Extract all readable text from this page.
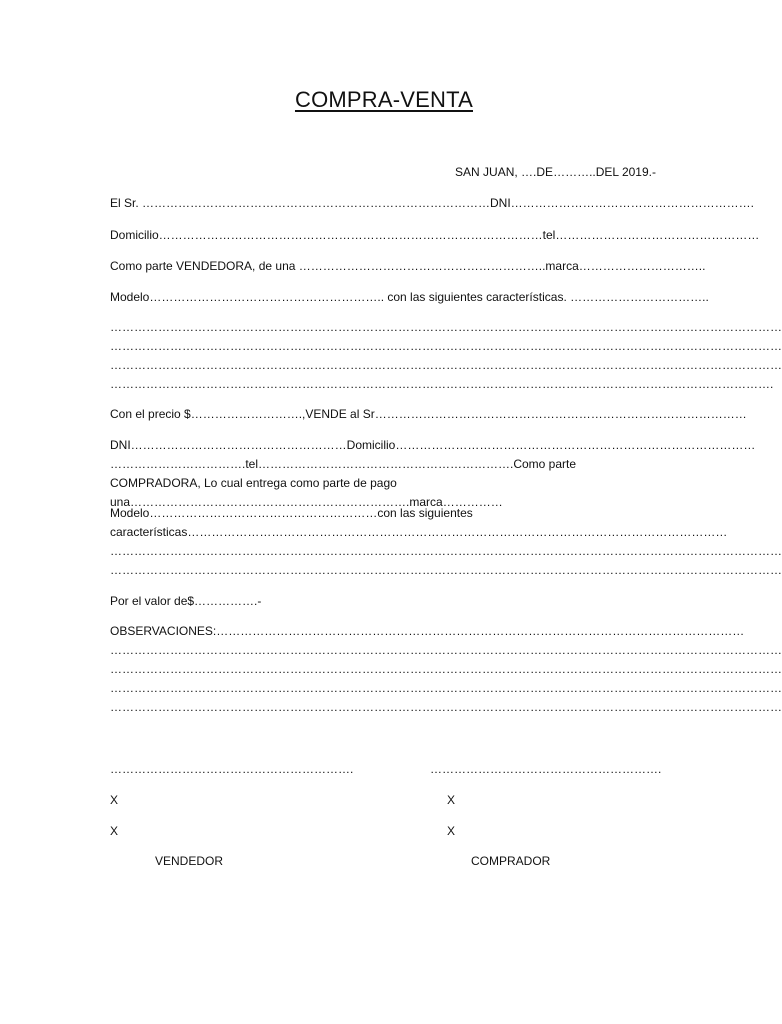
COMPRA-VENTA
SAN JUAN, ….DE………..DEL 2019.-
El Sr. ……………………………………………………………………………DNI…………………………………………………….
Domicilio……………………………………………………………………………………tel……………………………………………
Como parte VENDEDORA, de una ……………………………………………………..marca…………………………..
Modelo………………………………………………….. con las siguientes características. ……………………………..
……………………………………………………………………………………………………………………………………………………
……………………………………………………………………………………………………………………………………………………
……………………………………………………………………………………………………………………………………………………
………………………………………………………………………………………………………………………………………………….
Con el precio $……………………….,VENDE al Sr…………………………………………………………………………………
DNI………………………………………………Domicilio………………………………………………………………………………
…………………………….tel……………………………………………………….Como parte COMPRADORA, Lo cual entrega como parte de pago una…………………………………………………………….marca……………
Modelo…………………………………………………con las siguientes características………………………………………………………………………………………………………………………
……………………………………………………………………………………………………………………………………………………
……………………………………………………………………………………………………………………………………………………
Por el valor de$…………….-
OBSERVACIONES:……………………………………………………………………………………………………………………
……………………………………………………………………………………………………………………………………………………
……………………………………………………………………………………………………………………………………………………
……………………………………………………………………………………………………………………………………………………
……………………………………………………………………………………………………………………………………………………
…………………………………………………….	………………………………………………….
X	X
X	X
VENDEDOR	COMPRADOR
